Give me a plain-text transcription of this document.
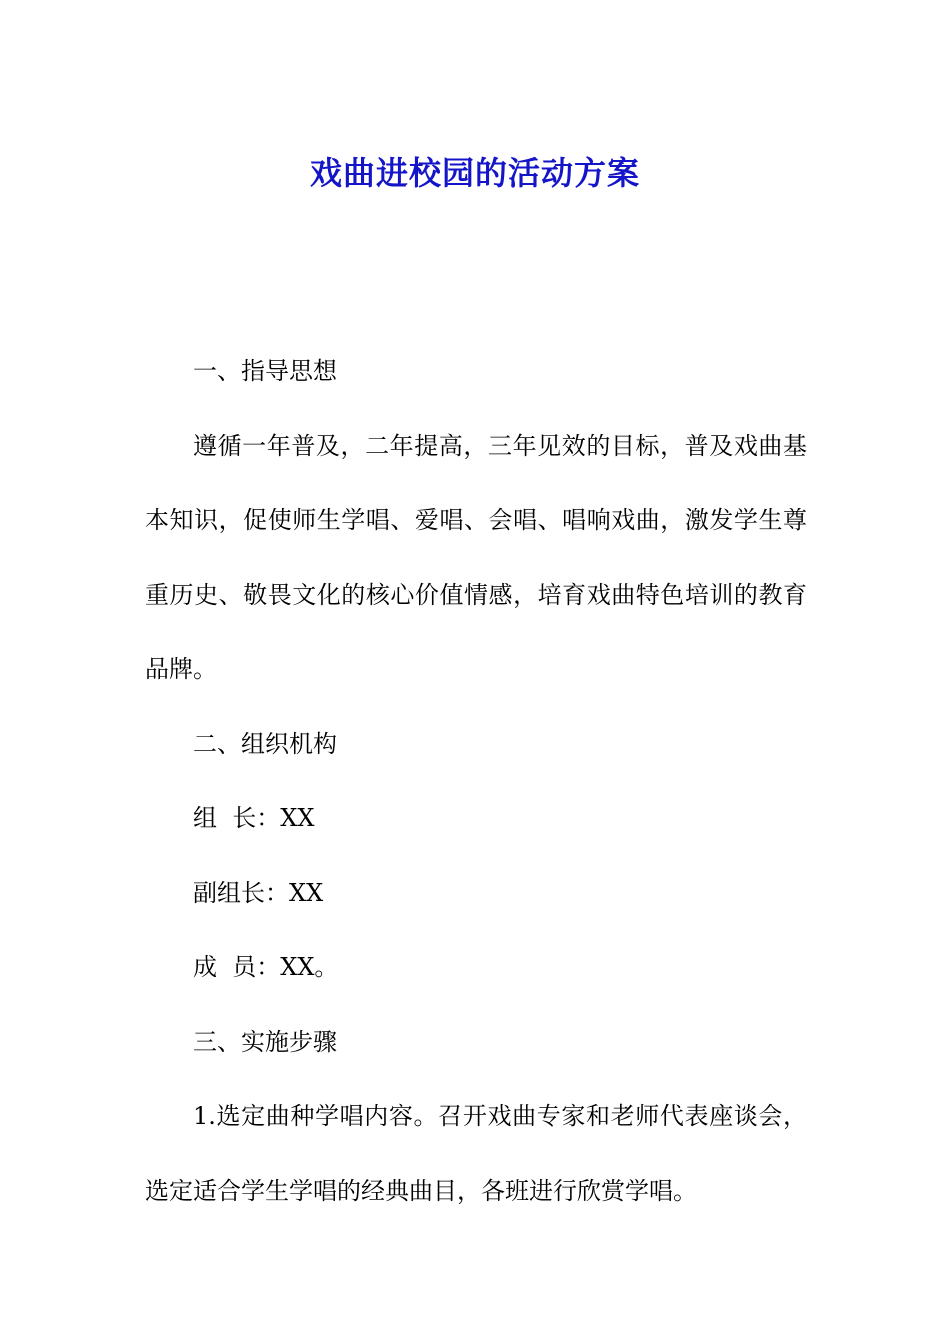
戏曲进校园的活动方案

一、指导思想

遵循一年普及，二年提高，三年见效的目标，普及戏曲基本知识，促使师生学唱、爱唱、会唱、唱响戏曲，激发学生尊重历史、敬畏文化的核心价值情感，培育戏曲特色培训的教育品牌。

二、组织机构

组  长：XX

副组长：XX

成  员：XX。

三、实施步骤

1.选定曲种学唱内容。召开戏曲专家和老师代表座谈会，选定适合学生学唱的经典曲目，各班进行欣赏学唱。
